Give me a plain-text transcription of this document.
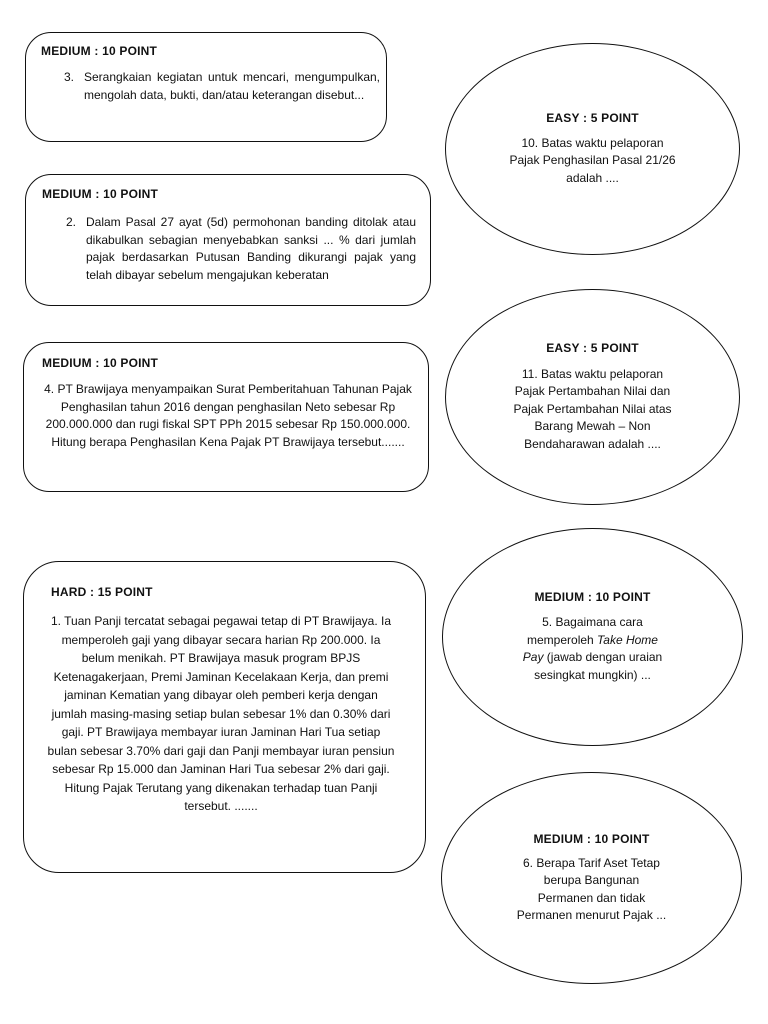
MEDIUM : 10 POINT
3. Serangkaian kegiatan untuk mencari, mengumpulkan, mengolah data, bukti, dan/atau keterangan disebut...
MEDIUM : 10 POINT
2. Dalam Pasal 27 ayat (5d) permohonan banding ditolak atau dikabulkan sebagian menyebabkan sanksi ... % dari jumlah pajak berdasarkan Putusan Banding dikurangi pajak yang telah dibayar sebelum mengajukan keberatan
MEDIUM : 10 POINT
4. PT Brawijaya menyampaikan Surat Pemberitahuan Tahunan Pajak Penghasilan tahun 2016 dengan penghasilan Neto sebesar Rp 200.000.000 dan rugi fiskal SPT PPh 2015 sebesar Rp 150.000.000. Hitung berapa Penghasilan Kena Pajak PT Brawijaya tersebut.......
HARD : 15 POINT
1. Tuan Panji tercatat sebagai pegawai tetap di PT Brawijaya. Ia memperoleh gaji yang dibayar secara harian Rp 200.000. Ia belum menikah. PT Brawijaya masuk program BPJS Ketenagakerjaan, Premi Jaminan Kecelakaan Kerja, dan premi jaminan Kematian yang dibayar oleh pemberi kerja dengan jumlah masing-masing setiap bulan sebesar 1% dan 0.30% dari gaji. PT Brawijaya membayar iuran Jaminan Hari Tua setiap bulan sebesar 3.70% dari gaji dan Panji membayar iuran pensiun sebesar Rp 15.000 dan Jaminan Hari Tua sebesar 2% dari gaji. Hitung Pajak Terutang yang dikenakan terhadap tuan Panji tersebut. .......
EASY : 5 POINT
10. Batas waktu pelaporan Pajak Penghasilan Pasal 21/26 adalah ....
EASY : 5 POINT
11. Batas waktu pelaporan Pajak Pertambahan Nilai dan Pajak Pertambahan Nilai atas Barang Mewah – Non Bendaharawan adalah ....
MEDIUM : 10 POINT
5. Bagaimana cara memperoleh Take Home Pay (jawab dengan uraian sesingkat mungkin) ...
MEDIUM : 10 POINT
6. Berapa Tarif Aset Tetap berupa Bangunan Permanen dan tidak Permanen menurut Pajak ...
